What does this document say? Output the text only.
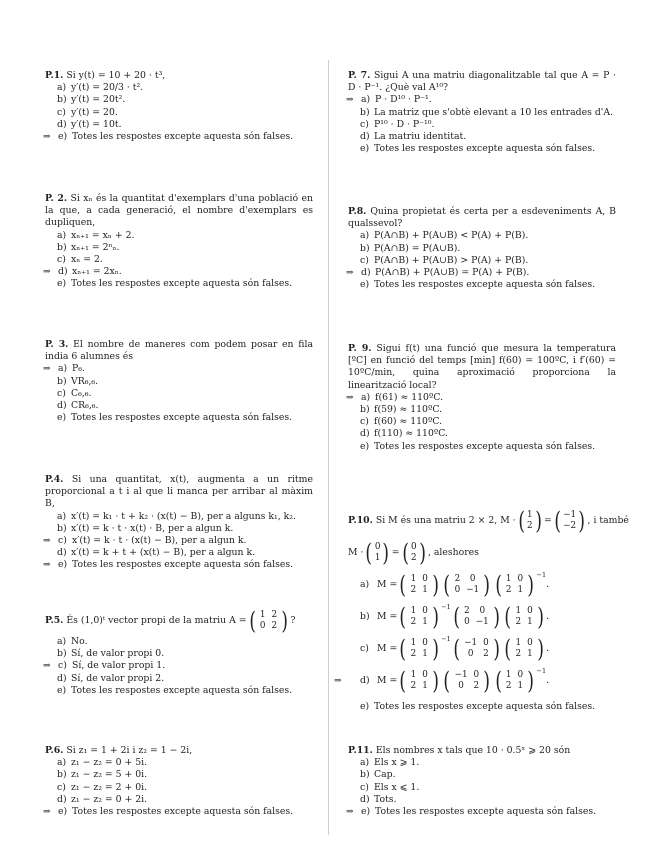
P.1. Si y(t) = 10 + 20 · t³,
a) y′(t) = 20/3 · t².
b) y′(t) = 20t².
c) y′(t) = 20.
d) y′(t) = 10t.
⇒ e) Totes les respostes excepte aquesta són falses.
P. 2. Si xₙ és la quantitat d'exemplars d'una població en la que, a cada generació, el nombre d'exemplars es dupliquen,
a) xₙ₊₁ = xₙ + 2.
b) xₙ₊₁ = 2ⁿₙ.
c) xₙ = 2.
⇒ d) xₙ₊₁ = 2xₙ.
e) Totes les respostes excepte aquesta són falses.
P. 3. El nombre de maneres com podem posar en fila india 6 alumnes és
⇒ a) P₆.
b) VR₆,₆.
c) C₆,₆.
d) CR₆,₆.
e) Totes les respostes excepte aquesta són falses.
P.4. Si una quantitat, x(t), augmenta a un ritme proporcional a t i al que li manca per arribar al màxim B,
a) x′(t) = k₁ · t + k₂ · (x(t) − B), per a alguns k₁, k₂.
b) x′(t) = k · t · x(t) · B, per a algun k.
⇒ c) x′(t) = k · t · (x(t) − B), per a algun k.
d) x′(t) = k + t + (x(t) − B), per a algun k.
⇒ e) Totes les respostes excepte aquesta són falses.
P.5.
És (1,0)ᵗ vector propi de la matriu A = ( 1	2
0	2 ) ?
a) No.
b) Sí, de valor propi 0.
⇒ c) Sí, de valor propi 1.
d) Sí, de valor propi 2.
e) Totes les respostes excepte aquesta són falses.
P.6. Si z₁ = 1 + 2i i z₂ = 1 − 2i,
a) z₁ − z₂ = 0 + 5i.
b) z₁ − z₂ = 5 + 0i.
c) z₁ − z₂ = 2 + 0i.
d) z₁ − z₂ = 0 + 2i.
⇒ e) Totes les respostes excepte aquesta són falses.
P. 7. Sigui A una matriu diagonalitzable tal que A = P · D · P⁻¹. ¿Què val A¹⁰?
⇒ a) P · D¹⁰ · P⁻¹.
b) La matriz que s'obtè elevant a 10 les entrades d'A.
c) P¹⁰ · D · P⁻¹⁰.
d) La matriu identitat.
e) Totes les respostes excepte aquesta són falses.
P.8. Quina propietat és certa per a esdeveniments A, B qualssevol?
a) P(A∩B) + P(A∪B) < P(A) + P(B).
b) P(A∩B) = P(A∪B).
c) P(A∩B) + P(A∪B) > P(A) + P(B).
⇒ d) P(A∩B) + P(A∪B) = P(A) + P(B).
e) Totes les respostes excepte aquesta són falses.
P. 9. Sigui f(t) una funció que mesura la temperatura [ºC] en funció del temps [min] f(60) = 100ºC, i f′(60) = 10ºC/min, quina aproximació proporciona la linearització local?
⇒ a) f(61) ≈ 110ºC.
b) f(59) ≈ 110ºC.
c) f(60) ≈ 110ºC.
d) f(110) ≈ 110ºC.
e) Totes les respostes excepte aquesta són falses.
P.10.
Si M és una matriu 2 × 2, M · ( 1
2 ) = ( −1
−2 ) , i també
M · ( 0
1 ) = ( 0
2 ) , aleshores
a)
M = ( 1	0
2	1 ) ( 2	0
0	−1 ) ( 1	0
2	1 ) $^{-1}$
.
b)
M = ( 1	0
2	1 ) $^{-1}$ ( 2	0
0	−1 ) ( 1	0
2	1 ) .
c)
M = ( 1	0
2	1 ) $^{-1}$ ( −1	0
0	2 ) ( 1	0
2	1 ) .
⇒	d)
M = ( 1	0
2	1 ) ( −1	0
0	2 ) ( 1	0
2	1 ) $^{-1}$
.
e) Totes les respostes excepte aquesta són falses.
P.11. Els nombres x tals que 10 · 0.5ˣ ⩾ 20 són
a) Els x ⩾ 1.
b) Cap.
c) Els x ⩽ 1.
d) Tots.
⇒ e) Totes les respostes excepte aquesta són falses.
